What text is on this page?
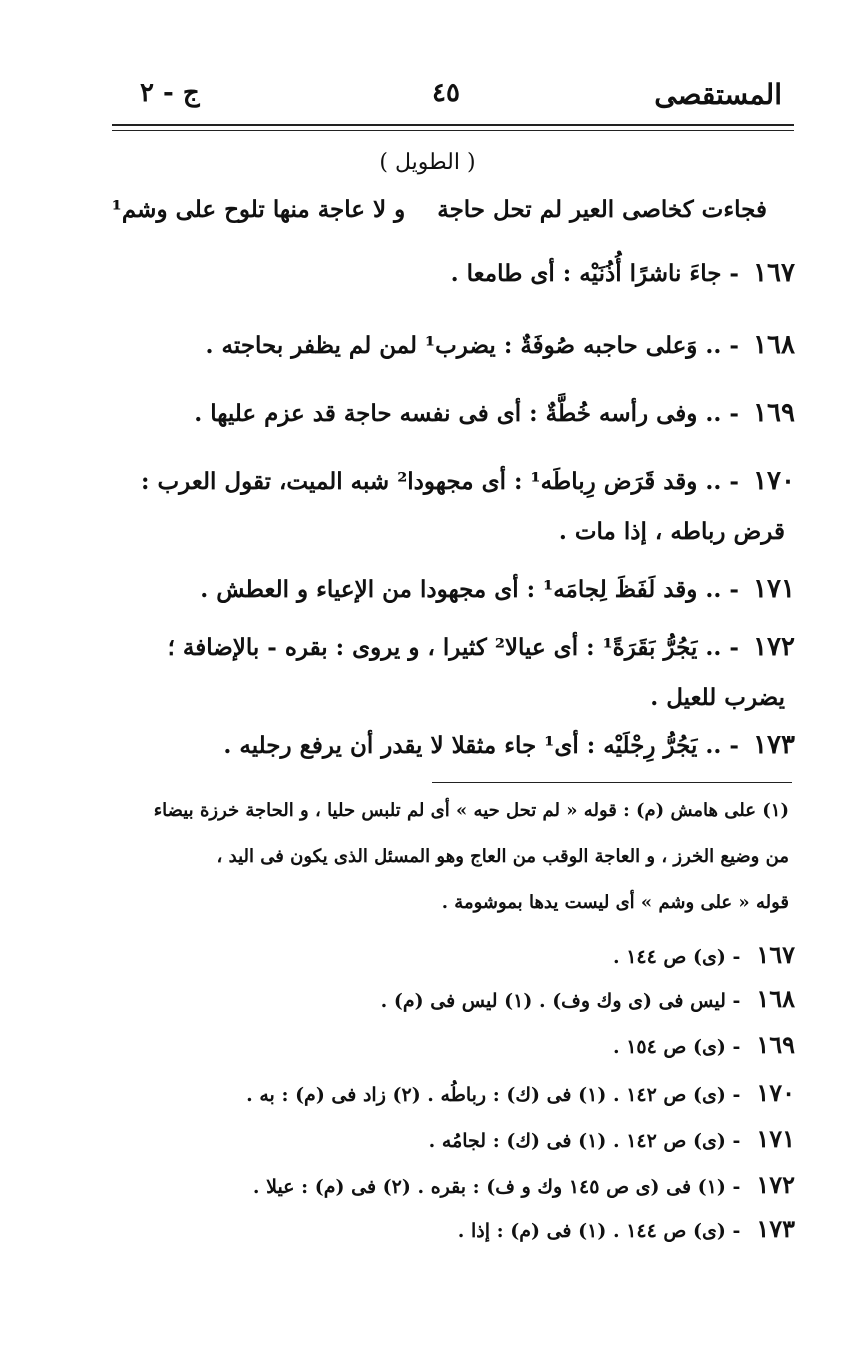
المستقصى
٤٥
ج - ٢
( الطويل )
فجاءت كخاصى العير لم تحل حاجة و لا عاجة منها تلوح على وشم¹
١٦٧ - جاءَ ناشرًا أُذُنَيْه : أى طامعا .
١٦٨ - .. وَعلى حاجبه صُوفَةٌ : يضرب¹ لمن لم يظفر بحاجته .
١٦٩ - .. وفى رأسه خُطَّةٌ : أى فى نفسه حاجة قد عزم عليها .
١٧٠ - .. وقد قَرَض رِباطَه¹ : أى مجهودا² شبه الميت، تقول العرب :
قرض رباطه ، إذا مات .
١٧١ - .. وقد لَفَظَ لِجامَه¹ : أى مجهودا من الإعياء و العطش .
١٧٢ - .. يَجُرُّ بَقَرَةً¹ : أى عيالا² كثيرا ، و يروى : بقره - بالإضافة ؛
يضرب للعيل .
١٧٣ - .. يَجُرُّ رِجْلَيْه : أى¹ جاء مثقلا لا يقدر أن يرفع رجليه .
(١) على هامش (م) : قوله « لم تحل حيه » أى لم تلبس حليا ، و الحاجة خرزة بيضاء
من وضيع الخرز ، و العاجة الوقب من العاج وهو المسئل الذى يكون فى اليد ،
قوله « على وشم » أى ليست يدها بموشومة .
١٦٧ - (ى) ص ١٤٤ .
١٦٨ - ليس فى (ى وك وف) . (١) ليس فى (م) .
١٦٩ - (ى) ص ١٥٤ .
١٧٠ - (ى) ص ١٤٢ . (١) فى (ك) : رباطُه . (٢) زاد فى (م) : به .
١٧١ - (ى) ص ١٤٢ . (١) فى (ك) : لجامُه .
١٧٢ - (١) فى (ى ص ١٤٥ وك و ف) : بقره . (٢) فى (م) : عيلا .
١٧٣ - (ى) ص ١٤٤ . (١) فى (م) : إذا .
